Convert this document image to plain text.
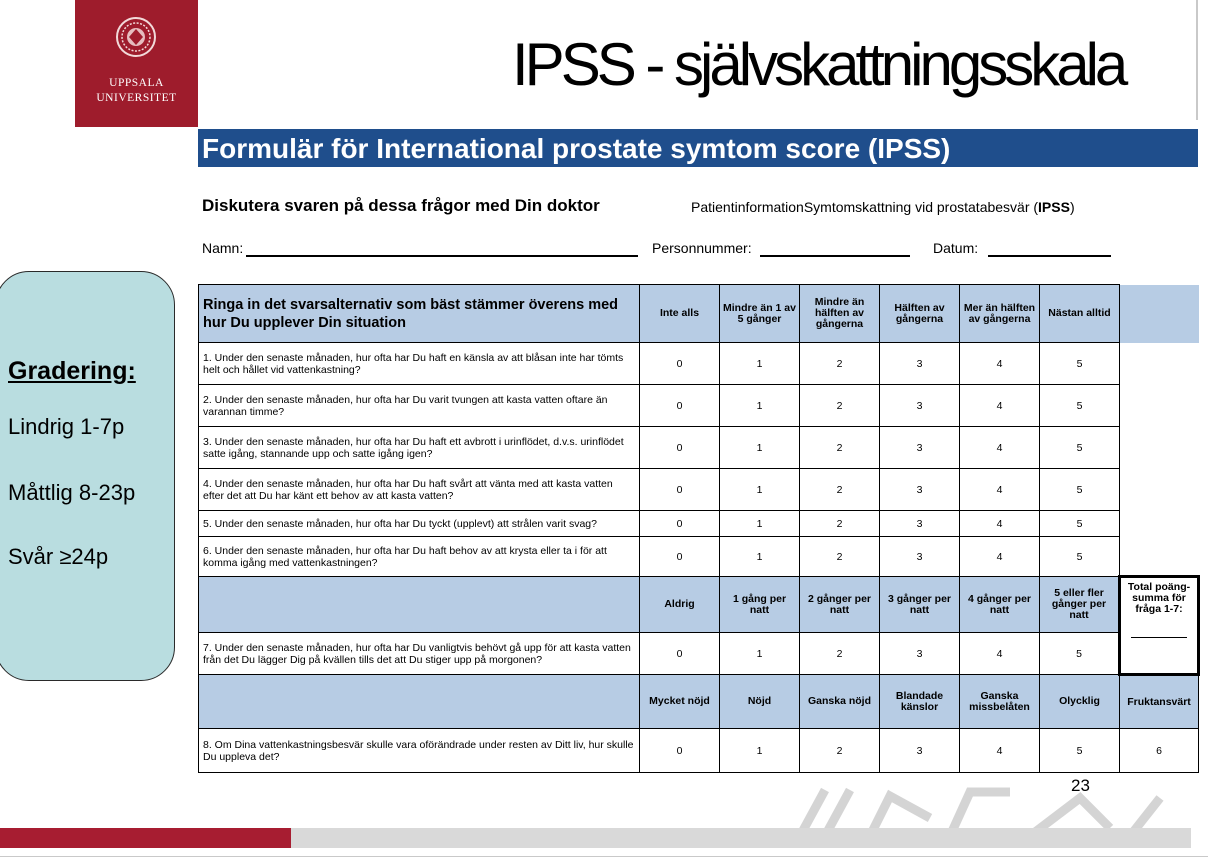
UPPSALA
UNIVERSITET	IPSS - självskattningsskala
Formulär för International prostate symtom score (IPSS)
Diskutera svaren på dessa frågor med Din doktor	PatientinformationSymtomskattning vid prostatabesvär (IPSS)
Namn:	Personnummer:	Datum:
Gradering:
Lindrig 1-7p
Måttlig 8-23p
Svår ≥24p
Ringa in det svarsalternativ som bäst stämmer överens med hur Du upplever Din situation	Inte alls	Mindre än 1 av 5 gånger	Mindre än hälften av gångerna	Hälften av gångerna	Mer än hälften av gångerna	Nästan alltid	
1. Under den senaste månaden, hur ofta har Du haft en känsla av att blåsan inte har tömts helt och hållet vid vattenkastning?	0	1	2	3	4	5	
2. Under den senaste månaden, hur ofta har Du varit tvungen att kasta vatten oftare än varannan timme?	0	1	2	3	4	5	
3. Under den senaste månaden, hur ofta har Du haft ett avbrott i urinflödet, d.v.s. urinflödet satte igång, stannande upp och satte igång igen?	0	1	2	3	4	5	
4. Under den senaste månaden, hur ofta har Du haft svårt att vänta med att kasta vatten efter det att Du har känt ett behov av att kasta vatten?	0	1	2	3	4	5	
5. Under den senaste månaden, hur ofta har Du tyckt (upplevt) att strålen varit svag?	0	1	2	3	4	5	
6. Under den senaste månaden, hur ofta har Du haft behov av att krysta eller ta i för att komma igång med vattenkastningen?	0	1	2	3	4	5	
	Aldrig	1 gång per natt	2 gånger per natt	3 gånger per natt	4 gånger per natt	5 eller fler gånger per natt	Total poäng-summa för fråga 1-7:

7. Under den senaste månaden, hur ofta har Du vanligtvis behövt gå upp för att kasta vatten från det Du lägger Dig på kvällen tills det att Du stiger upp på morgonen?	0	1	2	3	4	5	
	Mycket nöjd	Nöjd	Ganska nöjd	Blandade känslor	Ganska missbelåten	Olycklig	Fruktansvärt
8. Om Dina vattenkastningsbesvär skulle vara oförändrade under resten av Ditt liv, hur skulle Du uppleva det?	0	1	2	3	4	5	6
23
